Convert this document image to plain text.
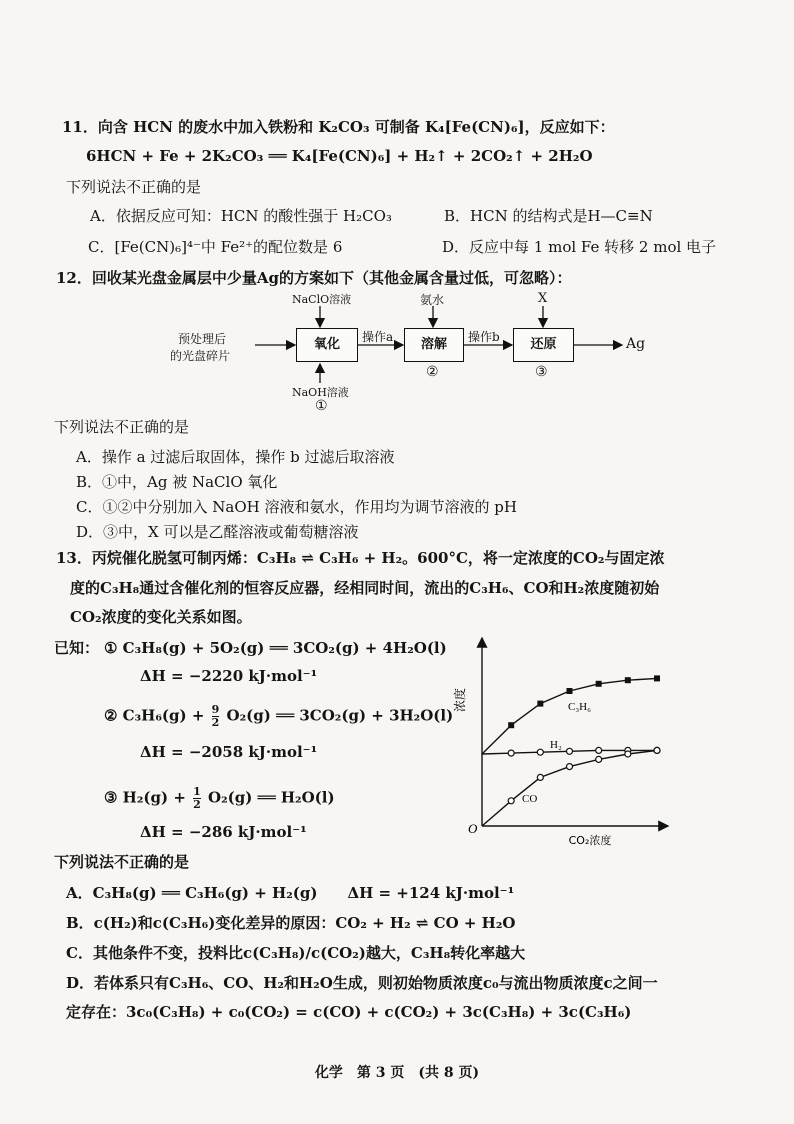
11．向含 HCN 的废水中加入铁粉和 K₂CO₃ 可制备 K₄[Fe(CN)₆]，反应如下：
6HCN + Fe + 2K₂CO₃ ══ K₄[Fe(CN)₆] + H₂↑ + 2CO₂↑ + 2H₂O
下列说法不正确的是
A．依据反应可知：HCN 的酸性强于 H₂CO₃	B．HCN 的结构式是H—C≡N
C．[Fe(CN)₆]⁴⁻中 Fe²⁺的配位数是 6	D．反应中每 1 mol Fe 转移 2 mol 电子
12．回收某光盘金属层中少量Ag的方案如下（其他金属含量过低，可忽略）：
预处理后
的光盘碎片
NaClO溶液
NaOH溶液
氧化
①
操作a
氨水
溶解
②
操作b
X
还原
③
Ag
下列说法不正确的是
A．操作 a 过滤后取固体，操作 b 过滤后取溶液
B．①中，Ag 被 NaClO 氧化
C．①②中分别加入 NaOH 溶液和氨水，作用均为调节溶液的 pH
D．③中，X 可以是乙醛溶液或葡萄糖溶液
13．丙烷催化脱氢可制丙烯：C₃H₈ ⇌ C₃H₆ + H₂。600°C，将一定浓度的CO₂与固定浓
度的C₃H₈通过含催化剂的恒容反应器，经相同时间，流出的C₃H₆、CO和H₂浓度随初始
CO₂浓度的变化关系如图。
已知： ① C₃H₈(g) + 5O₂(g) ══ 3CO₂(g) + 4H₂O(l)
ΔH = −2220 kJ·mol⁻¹
② $C_3H_6(g) + \frac{9}{2} O_2(g)$ ══ 3CO₂(g) + 3H₂O(l)
ΔH = −2058 kJ·mol⁻¹
③ $H_2(g) + \frac{1}{2} O_2(g)$ ══ H₂O(l)
ΔH = −286 kJ·mol⁻¹	O
浓度
CO₂浓度
C₃H₆
H₂
CO
下列说法不正确的是
A．C₃H₈(g) ══ C₃H₆(g) + H₂(g)　　ΔH = +124 kJ·mol⁻¹
B．c(H₂)和c(C₃H₆)变化差异的原因：CO₂ + H₂ ⇌ CO + H₂O
C．其他条件不变，投料比c(C₃H₈)/c(CO₂)越大，C₃H₈转化率越大
D．若体系只有C₃H₆、CO、H₂和H₂O生成，则初始物质浓度c₀与流出物质浓度c之间一
定存在：3c₀(C₃H₈) + c₀(CO₂) = c(CO) + c(CO₂) + 3c(C₃H₈) + 3c(C₃H₆)
化学　第 3 页　(共 8 页)
